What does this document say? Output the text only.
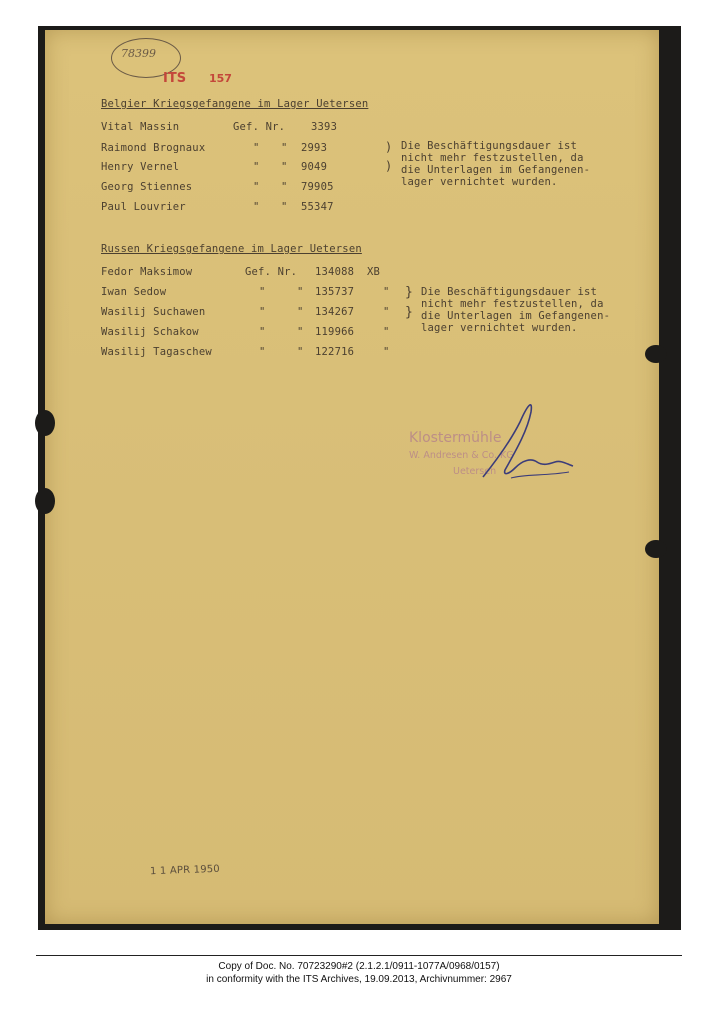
78399
ITS 157
Belgier Kriegsgefangene im Lager Uetersen
Vital Massin	Gef. Nr. 3393
Raimond Brognaux	" " 2993
Henry Vernel	" " 9049
Georg Stiennes	" " 79905
Paul Louvrier	" " 55347
)
)
Die Beschäftigungsdauer ist
nicht mehr festzustellen, da
die Unterlagen im Gefangenen-
lager vernichtet wurden.
Russen Kriegsgefangene im Lager Uetersen
Fedor Maksimow	Gef. Nr. 134088 XB
Iwan Sedow	"	" 135737	"
Wasilij Suchawen	"	" 134267	"
Wasilij Schakow	"	" 119966	"
Wasilij Tagaschew	"	" 122716	"
}
}
Die Beschäftigungsdauer ist
nicht mehr festzustellen, da
die Unterlagen im Gefangenen-
lager vernichtet wurden.
Klostermühle
W. Andresen & Co. KG
Uetersen
1 1 APR 1950
Copy of Doc. No. 70723290#2 (2.1.2.1/0911-1077A/0968/0157)
in conformity with the ITS Archives, 19.09.2013, Archivnummer: 2967
